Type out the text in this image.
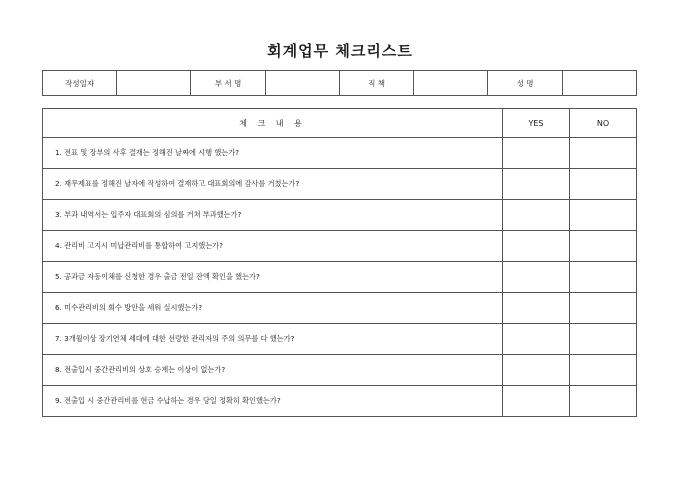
회계업무 체크리스트
작성일자		부 서 명		직 책		성 명	
체 크 내 용	YES	NO
1. 전표 및 장부의 사후 결재는 정해진 날짜에 시행 했는가?		
2. 재무제표를 정해진 날자에 작성하여 결재하고 대표회의에 감사를 거쳤는가?		
3. 부과 내역서는 입주자 대표회의 심의를 거쳐 부과했는가?		
4. 관리비 고지시 미납관리비를 통합하여 고지했는가?		
5. 공과금 자동이체를 신청한 경우 출금 전일 잔액 확인을 했는가?		
6. 미수관리비의 회수 방안을 세워 실시했는가?		
7. 3개월이상 장기연체 세대에 대한 선량한 관리자의 주의 의무를 다 했는가?		
8. 전출입시 중간관리비의 상호 승계는 이상이 없는가?		
9. 전출입 시 중간관리비를 현금 수납하는 경우 당일 정확히 확인했는가?		
